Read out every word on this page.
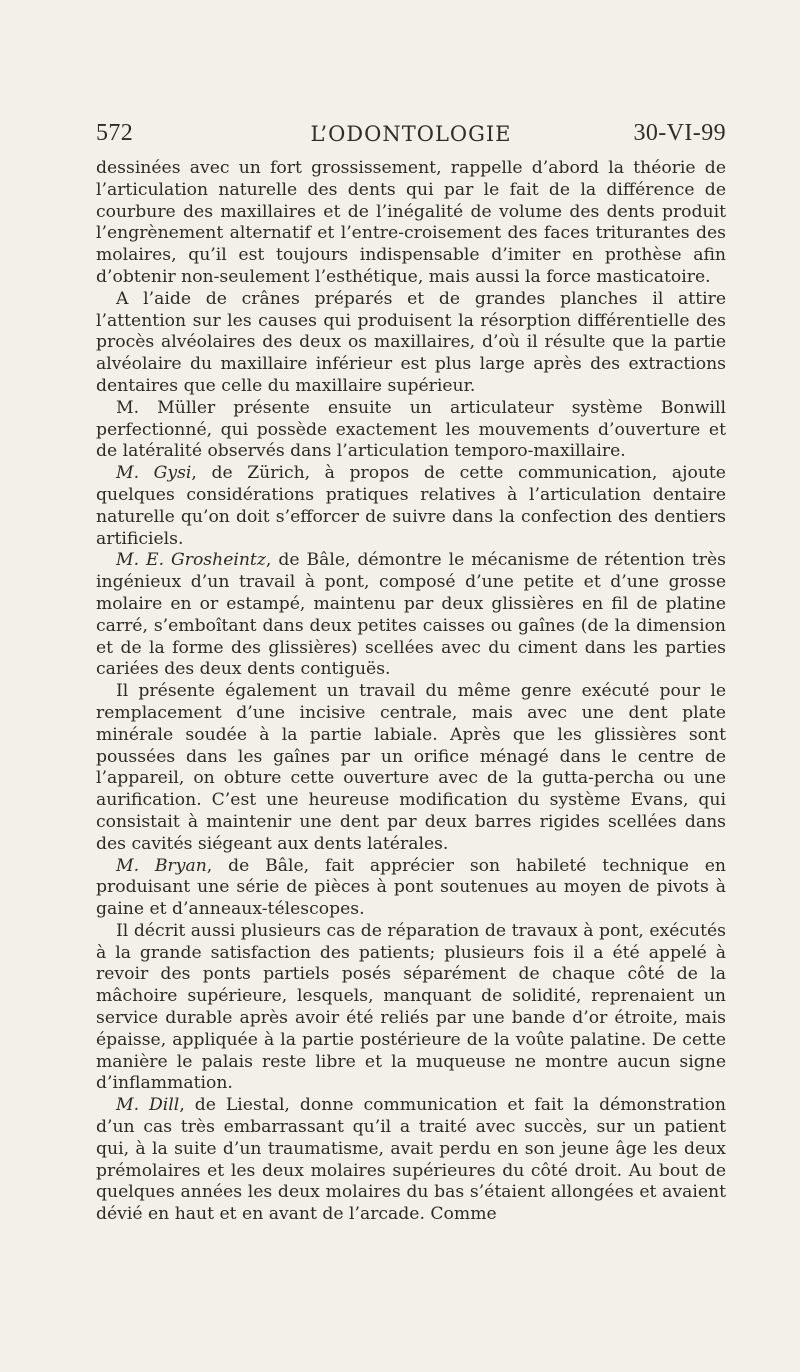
572	L’ODONTOLOGIE	30-VI-99

dessinées avec un fort grossissement, rappelle d’abord la théorie de l’articulation naturelle des dents qui par le fait de la différence de courbure des maxillaires et de l’inégalité de volume des dents produit l’engrènement alternatif et l’entre-croisement des faces triturantes des molaires, qu’il est toujours indispensable d’imiter en prothèse afin d’obtenir non-seulement l’esthétique, mais aussi la force masticatoire.

A l’aide de crânes préparés et de grandes planches il attire l’attention sur les causes qui produisent la résorption différentielle des procès alvéolaires des deux os maxillaires, d’où il résulte que la partie alvéolaire du maxillaire inférieur est plus large après des extractions dentaires que celle du maxillaire supérieur.

M. Müller présente ensuite un articulateur système Bonwill perfectionné, qui possède exactement les mouvements d’ouverture et de latéralité observés dans l’articulation temporo-maxillaire.

M. Gysi, de Zürich, à propos de cette communication, ajoute quelques considérations pratiques relatives à l’articulation dentaire naturelle qu’on doit s’efforcer de suivre dans la confection des dentiers artificiels.

M. E. Grosheintz, de Bâle, démontre le mécanisme de rétention très ingénieux d’un travail à pont, composé d’une petite et d’une grosse molaire en or estampé, maintenu par deux glissières en fil de platine carré, s’emboîtant dans deux petites caisses ou gaînes (de la dimension et de la forme des glissières) scellées avec du ciment dans les parties cariées des deux dents contiguës.

Il présente également un travail du même genre exécuté pour le remplacement d’une incisive centrale, mais avec une dent plate minérale soudée à la partie labiale. Après que les glissières sont poussées dans les gaînes par un orifice ménagé dans le centre de l’appareil, on obture cette ouverture avec de la gutta-percha ou une aurification. C’est une heureuse modification du système Evans, qui consistait à maintenir une dent par deux barres rigides scellées dans des cavités siégeant aux dents latérales.

M. Bryan, de Bâle, fait apprécier son habileté technique en produisant une série de pièces à pont soutenues au moyen de pivots à gaine et d’anneaux-télescopes.

Il décrit aussi plusieurs cas de réparation de travaux à pont, exécutés à la grande satisfaction des patients; plusieurs fois il a été appelé à revoir des ponts partiels posés séparément de chaque côté de la mâchoire supérieure, lesquels, manquant de solidité, reprenaient un service durable après avoir été reliés par une bande d’or étroite, mais épaisse, appliquée à la partie postérieure de la voûte palatine. De cette manière le palais reste libre et la muqueuse ne montre aucun signe d’inflammation.

M. Dill, de Liestal, donne communication et fait la démonstration d’un cas très embarrassant qu’il a traité avec succès, sur un patient qui, à la suite d’un traumatisme, avait perdu en son jeune âge les deux prémolaires et les deux molaires supérieures du côté droit. Au bout de quelques années les deux molaires du bas s’étaient allongées et avaient dévié en haut et en avant de l’arcade. Comme
